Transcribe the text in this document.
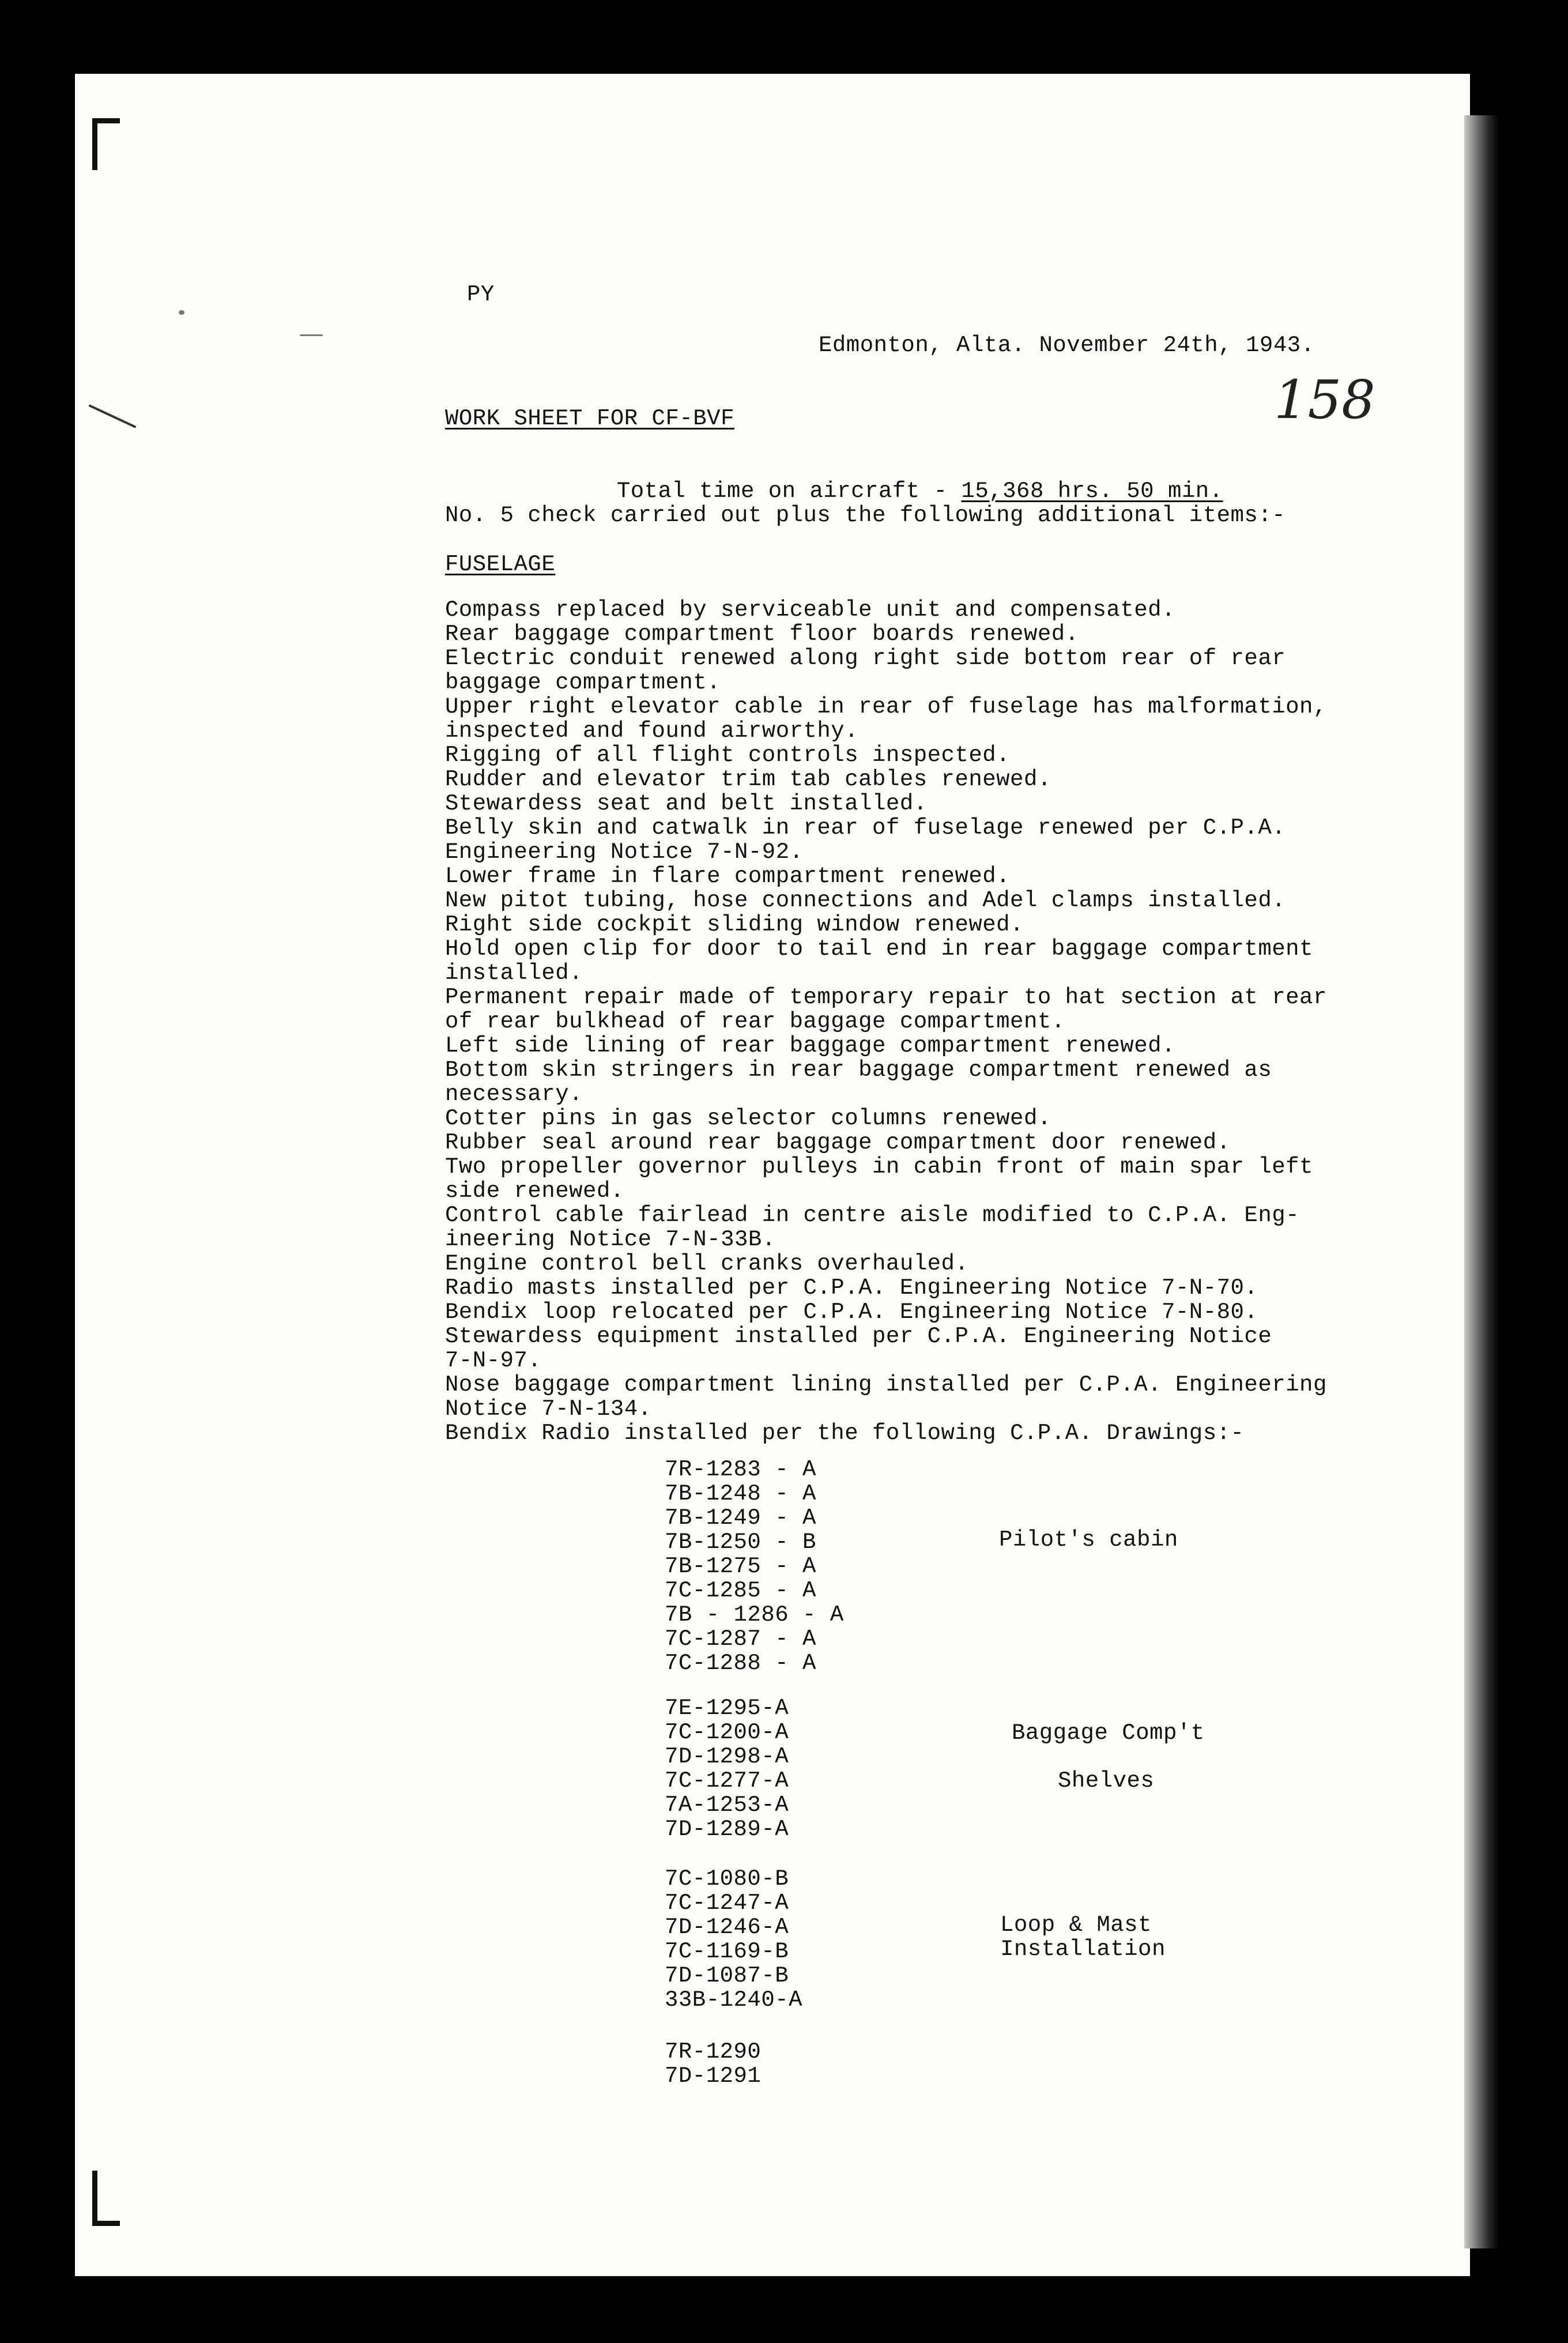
PY
Edmonton, Alta. November 24th, 1943.
158
WORK SHEET FOR CF-BVF

Total time on aircraft - 15,368 hrs. 50 min.

No. 5 check carried out plus the following additional items:-
FUSELAGE
Compass replaced by serviceable unit and compensated.
Rear baggage compartment floor boards renewed.
Electric conduit renewed along right side bottom rear of rear
baggage compartment.
Upper right elevator cable in rear of fuselage has malformation,
inspected and found airworthy.
Rigging of all flight controls inspected.
Rudder and elevator trim tab cables renewed.
Stewardess seat and belt installed.
Belly skin and catwalk in rear of fuselage renewed per C.P.A.
Engineering Notice 7-N-92.
Lower frame in flare compartment renewed.
New pitot tubing, hose connections and Adel clamps installed.
Right side cockpit sliding window renewed.
Hold open clip for door to tail end in rear baggage compartment
installed.
Permanent repair made of temporary repair to hat section at rear
of rear bulkhead of rear baggage compartment.
Left side lining of rear baggage compartment renewed.
Bottom skin stringers in rear baggage compartment renewed as
necessary.
Cotter pins in gas selector columns renewed.
Rubber seal around rear baggage compartment door renewed.
Two propeller governor pulleys in cabin front of main spar left
side renewed.
Control cable fairlead in centre aisle modified to C.P.A. Eng-
ineering Notice 7-N-33B.
Engine control bell cranks overhauled.
Radio masts installed per C.P.A. Engineering Notice 7-N-70.
Bendix loop relocated per C.P.A. Engineering Notice 7-N-80.
Stewardess equipment installed per C.P.A. Engineering Notice
7-N-97.
Nose baggage compartment lining installed per C.P.A. Engineering
Notice 7-N-134.
Bendix Radio installed per the following C.P.A. Drawings:-
7R-1283 - A
7B-1248 - A
7B-1249 - A
7B-1250 - B
7B-1275 - A
7C-1285 - A
7B - 1286 - A
7C-1287 - A
7C-1288 - A
Pilot's cabin
7E-1295-A
7C-1200-A
7D-1298-A
7C-1277-A
7A-1253-A
7D-1289-A
Baggage Comp't
Shelves
7C-1080-B
7C-1247-A
7D-1246-A
7C-1169-B
7D-1087-B
33B-1240-A
Loop & Mast
Installation
7R-1290
7D-1291
